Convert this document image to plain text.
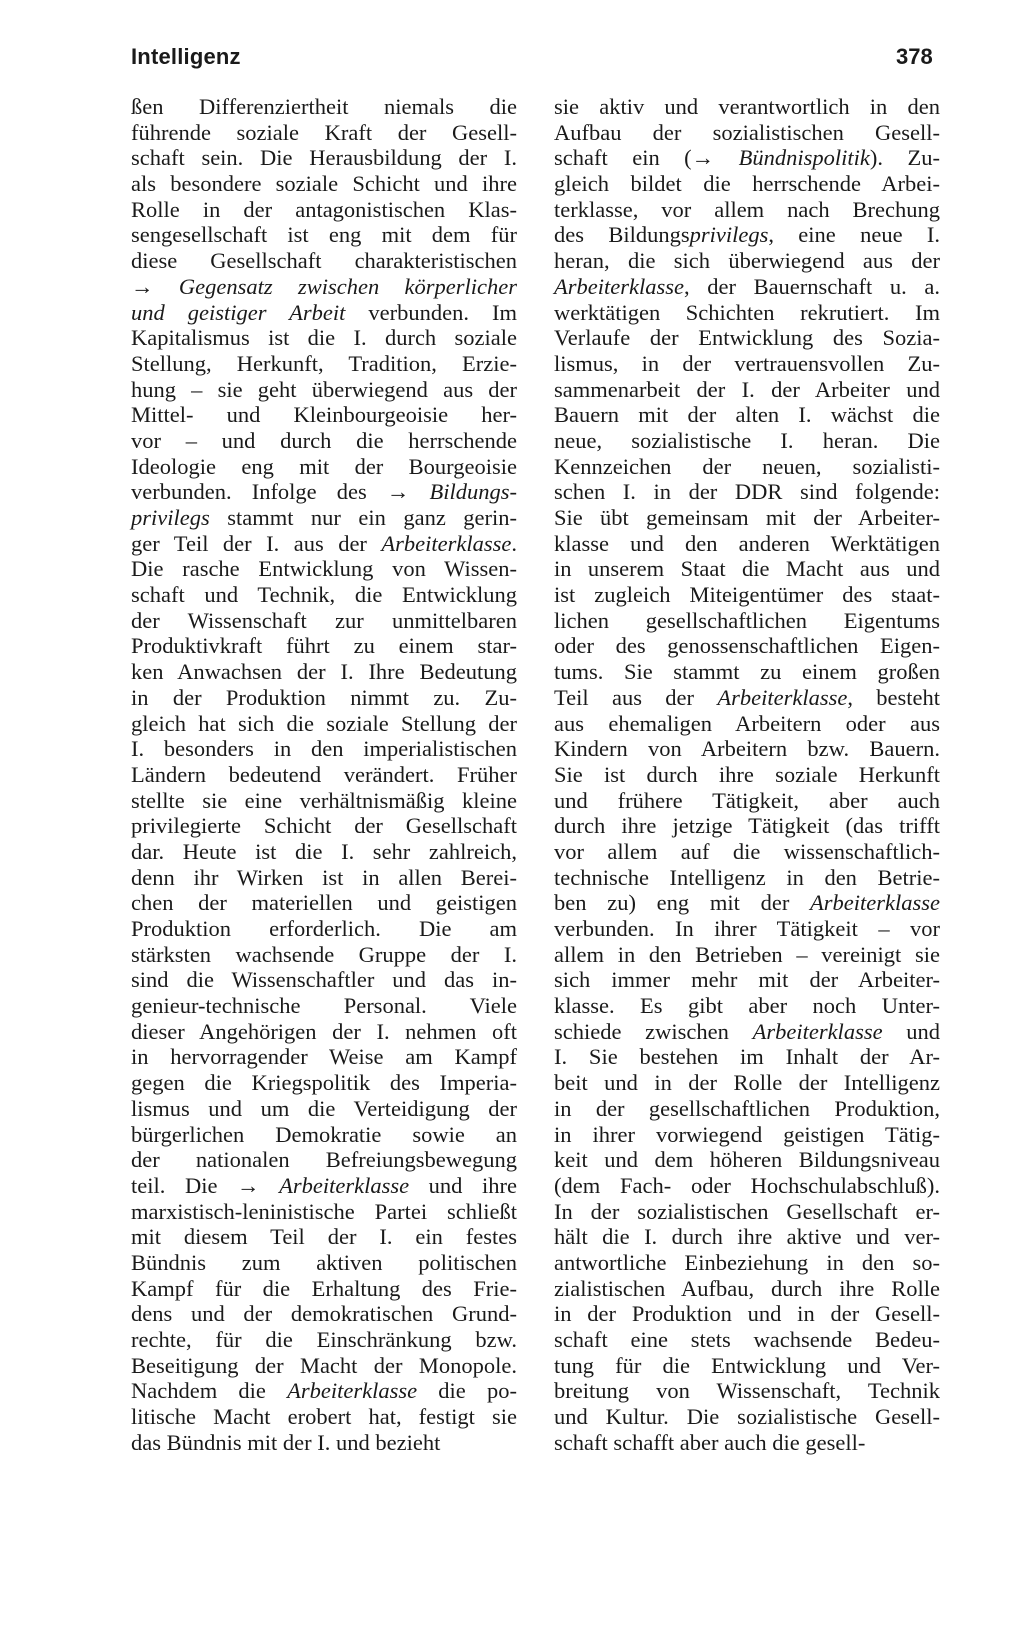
Intelligenz	378
ßen Differenziertheit niemals die
führende soziale Kraft der Gesell-
schaft sein. Die Herausbildung der I.
als besondere soziale Schicht und ihre
Rolle in der antagonistischen Klas-
sengesellschaft ist eng mit dem für
diese Gesellschaft charakteristischen
→ Gegensatz zwischen körperlicher
und geistiger Arbeit verbunden. Im
Kapitalismus ist die I. durch soziale
Stellung, Herkunft, Tradition, Erzie-
hung – sie geht überwiegend aus der
Mittel- und Kleinbourgeoisie her-
vor – und durch die herrschende
Ideologie eng mit der Bourgeoisie
verbunden. Infolge des → Bildungs-
privilegs stammt nur ein ganz gerin-
ger Teil der I. aus der Arbeiterklasse.
Die rasche Entwicklung von Wissen-
schaft und Technik, die Entwicklung
der Wissenschaft zur unmittelbaren
Produktivkraft führt zu einem star-
ken Anwachsen der I. Ihre Bedeutung
in der Produktion nimmt zu. Zu-
gleich hat sich die soziale Stellung der
I. besonders in den imperialistischen
Ländern bedeutend verändert. Früher
stellte sie eine verhältnismäßig kleine
privilegierte Schicht der Gesellschaft
dar. Heute ist die I. sehr zahlreich,
denn ihr Wirken ist in allen Berei-
chen der materiellen und geistigen
Produktion erforderlich. Die am
stärksten wachsende Gruppe der I.
sind die Wissenschaftler und das in-
genieur-technische Personal. Viele
dieser Angehörigen der I. nehmen oft
in hervorragender Weise am Kampf
gegen die Kriegspolitik des Imperia-
lismus und um die Verteidigung der
bürgerlichen Demokratie sowie an
der nationalen Befreiungsbewegung
teil. Die → Arbeiterklasse und ihre
marxistisch-leninistische Partei schließt
mit diesem Teil der I. ein festes
Bündnis zum aktiven politischen
Kampf für die Erhaltung des Frie-
dens und der demokratischen Grund-
rechte, für die Einschränkung bzw.
Beseitigung der Macht der Monopole.
Nachdem die Arbeiterklasse die po-
litische Macht erobert hat, festigt sie
das Bündnis mit der I. und bezieht
sie aktiv und verantwortlich in den
Aufbau der sozialistischen Gesell-
schaft ein (→ Bündnispolitik). Zu-
gleich bildet die herrschende Arbei-
terklasse, vor allem nach Brechung
des Bildungsprivilegs, eine neue I.
heran, die sich überwiegend aus der
Arbeiterklasse, der Bauernschaft u. a.
werktätigen Schichten rekrutiert. Im
Verlaufe der Entwicklung des Sozia-
lismus, in der vertrauensvollen Zu-
sammenarbeit der I. der Arbeiter und
Bauern mit der alten I. wächst die
neue, sozialistische I. heran. Die
Kennzeichen der neuen, sozialisti-
schen I. in der DDR sind folgende:
Sie übt gemeinsam mit der Arbeiter-
klasse und den anderen Werktätigen
in unserem Staat die Macht aus und
ist zugleich Miteigentümer des staat-
lichen gesellschaftlichen Eigentums
oder des genossenschaftlichen Eigen-
tums. Sie stammt zu einem großen
Teil aus der Arbeiterklasse, besteht
aus ehemaligen Arbeitern oder aus
Kindern von Arbeitern bzw. Bauern.
Sie ist durch ihre soziale Herkunft
und frühere Tätigkeit, aber auch
durch ihre jetzige Tätigkeit (das trifft
vor allem auf die wissenschaftlich-
technische Intelligenz in den Betrie-
ben zu) eng mit der Arbeiterklasse
verbunden. In ihrer Tätigkeit – vor
allem in den Betrieben – vereinigt sie
sich immer mehr mit der Arbeiter-
klasse. Es gibt aber noch Unter-
schiede zwischen Arbeiterklasse und
I. Sie bestehen im Inhalt der Ar-
beit und in der Rolle der Intelligenz
in der gesellschaftlichen Produktion,
in ihrer vorwiegend geistigen Tätig-
keit und dem höheren Bildungsniveau
(dem Fach- oder Hochschulabschluß).
In der sozialistischen Gesellschaft er-
hält die I. durch ihre aktive und ver-
antwortliche Einbeziehung in den so-
zialistischen Aufbau, durch ihre Rolle
in der Produktion und in der Gesell-
schaft eine stets wachsende Bedeu-
tung für die Entwicklung und Ver-
breitung von Wissenschaft, Technik
und Kultur. Die sozialistische Gesell-
schaft schafft aber auch die gesell-
